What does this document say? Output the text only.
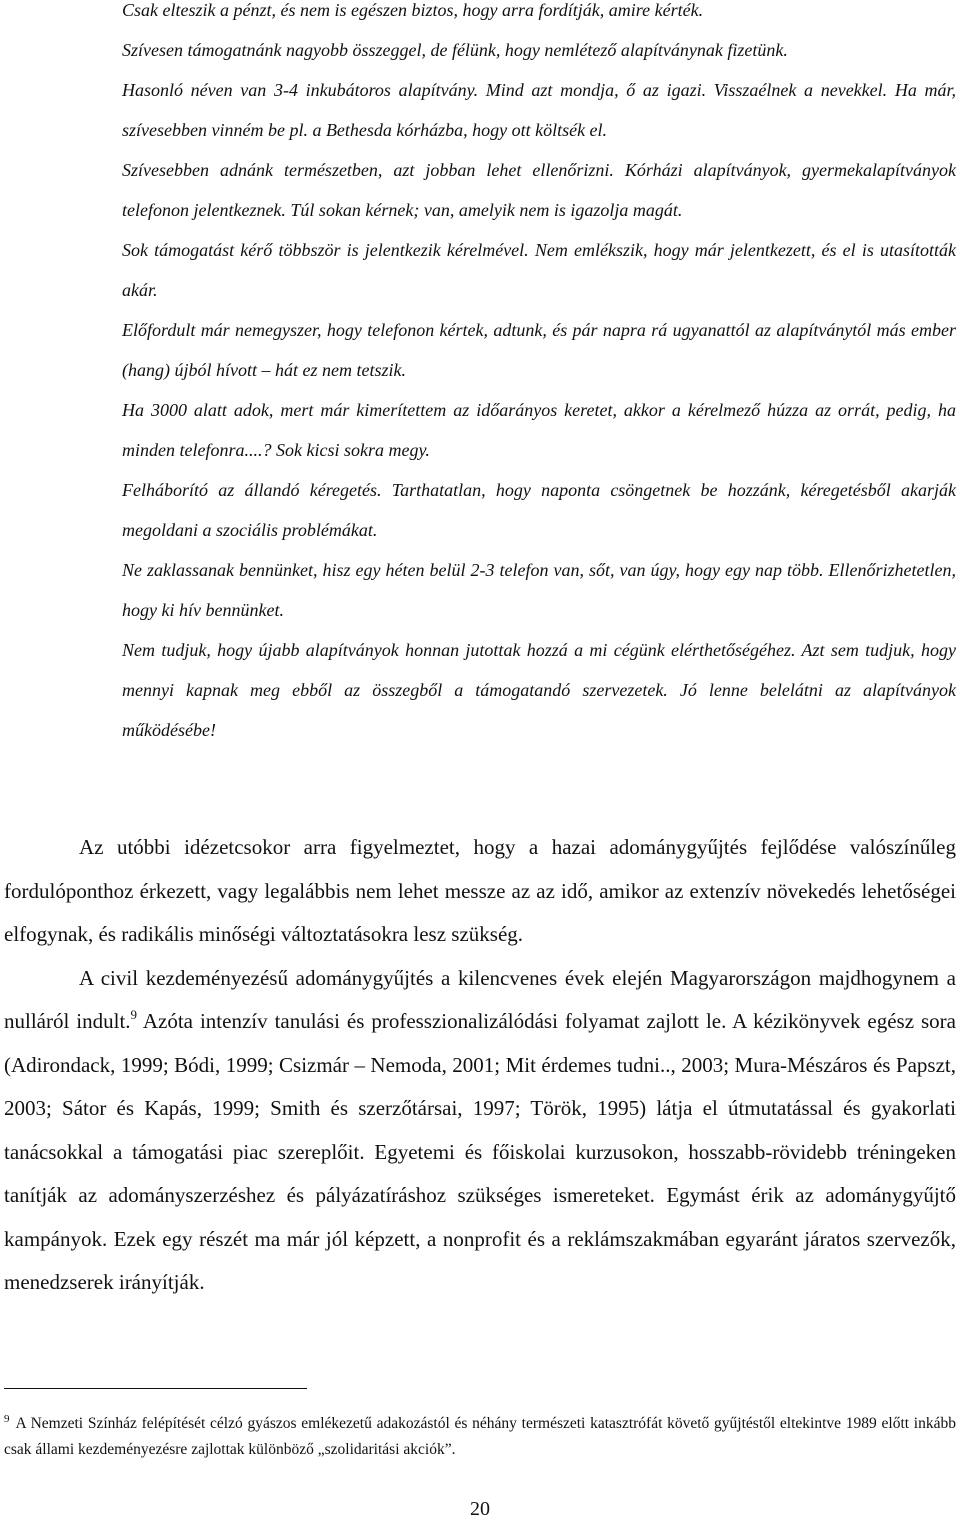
Csak elteszik a pénzt, és nem is egészen biztos, hogy arra fordítják, amire kérték.

Szívesen támogatnánk nagyobb összeggel, de félünk, hogy nemlétező alapítványnak fizetünk.

Hasonló néven van 3-4 inkubátoros alapítvány. Mind azt mondja, ő az igazi. Visszaélnek a nevekkel. Ha már, szívesebben vinném be pl. a Bethesda kórházba, hogy ott költsék el.

Szívesebben adnánk természetben, azt jobban lehet ellenőrizni. Kórházi alapítványok, gyermekalapítványok telefonon jelentkeznek. Túl sokan kérnek; van, amelyik nem is igazolja magát.

Sok támogatást kérő többször is jelentkezik kérelmével. Nem emlékszik, hogy már jelentkezett, és el is utasították akár.

Előfordult már nemegyszer, hogy telefonon kértek, adtunk, és pár napra rá ugyanattól az alapítványtól más ember (hang) újból hívott – hát ez nem tetszik.

Ha 3000 alatt adok, mert már kimerítettem az időarányos keretet, akkor a kérelmező húzza az orrát, pedig, ha minden telefonra....? Sok kicsi sokra megy.

Felháborító az állandó kéregetés. Tarthatatlan, hogy naponta csöngetnek be hozzánk, kéregetésből akarják megoldani a szociális problémákat.

Ne zaklassanak bennünket, hisz egy héten belül 2-3 telefon van, sőt, van úgy, hogy egy nap több. Ellenőrizhetetlen, hogy ki hív bennünket.

Nem tudjuk, hogy újabb alapítványok honnan jutottak hozzá a mi cégünk elérthetőségéhez. Azt sem tudjuk, hogy mennyi kapnak meg ebből az összegből a támogatandó szervezetek. Jó lenne belelátni az alapítványok működésébe!

Az utóbbi idézetcsokor arra figyelmeztet, hogy a hazai adománygyűjtés fejlődése valószínűleg fordulóponthoz érkezett, vagy legalábbis nem lehet messze az az idő, amikor az extenzív növekedés lehetőségei elfogynak, és radikális minőségi változtatásokra lesz szükség.

A civil kezdeményezésű adománygyűjtés a kilencvenes évek elején Magyarországon majdhogynem a nulláról indult.$^9$ Azóta intenzív tanulási és professzionalizálódási folyamat zajlott le. A kézikönyvek egész sora (Adirondack, 1999; Bódi, 1999; Csizmár – Nemoda, 2001; Mit érdemes tudni.., 2003; Mura-Mészáros és Papszt, 2003; Sátor és Kapás, 1999; Smith és szerzőtársai, 1997; Török, 1995) látja el útmutatással és gyakorlati tanácsokkal a támogatási piac szereplőit. Egyetemi és főiskolai kurzusokon, hosszabb-rövidebb tréningeken tanítják az adományszerzéshez és pályázatíráshoz szükséges ismereteket. Egymást érik az adománygyűjtő kampányok. Ezek egy részét ma már jól képzett, a nonprofit és a reklámszakmában egyaránt járatos szervezők, menedzserek irányítják.

$^9$ A Nemzeti Színház felépítését célzó gyászos emlékezetű adakozástól és néhány természeti katasztrófát követő gyűjtéstől eltekintve 1989 előtt inkább csak állami kezdeményezésre zajlottak különböző „szolidaritási akciók”.

20
